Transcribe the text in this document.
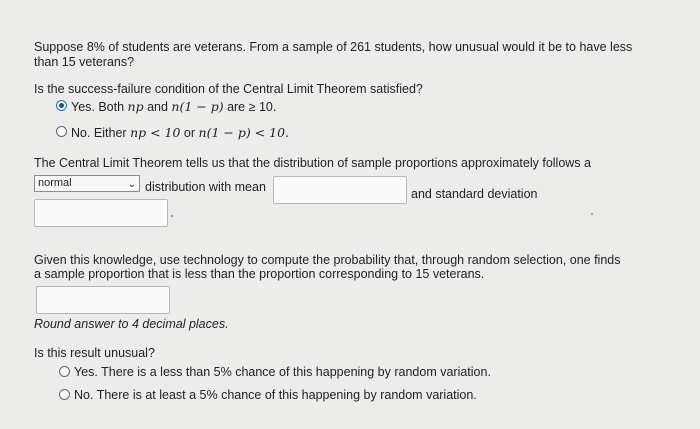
Suppose 8% of students are veterans. From a sample of 261 students, how unusual would it be to have less
than 15 veterans?
Is the success-failure condition of the Central Limit Theorem satisfied?
Yes. Both np and n(1 − p) are ≥ 10.
No. Either np < 10 or n(1 − p) < 10.
The Central Limit Theorem tells us that the distribution of sample proportions approximately follows a
normal	⌄ distribution with mean	and standard deviation
Given this knowledge, use technology to compute the probability that, through random selection, one finds
a sample proportion that is less than the proportion corresponding to 15 veterans.
Round answer to 4 decimal places.
Is this result unusual?
Yes. There is a less than 5% chance of this happening by random variation.
No. There is at least a 5% chance of this happening by random variation.
